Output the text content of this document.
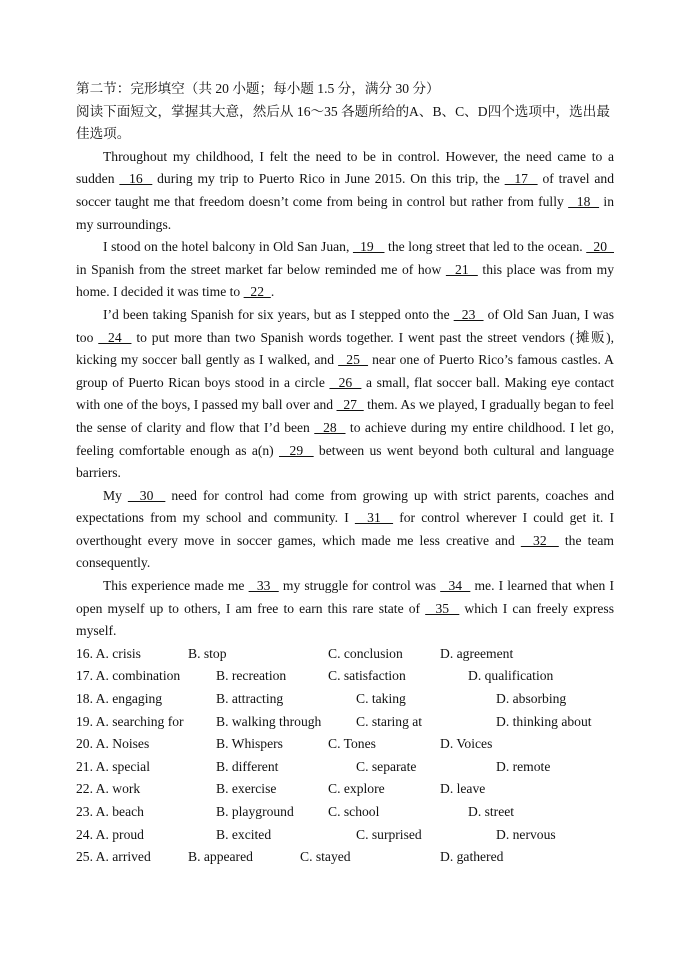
第二节：完形填空（共 20 小题；每小题 1.5 分，满分 30 分）

阅读下面短文，掌握其大意，然后从 16～35 各题所给的A、B、C、D四个选项中，选出最佳选项。

Throughout my childhood, I felt the need to be in control. However, the need came to a sudden   16   during my trip to Puerto Rico in June 2015. On this trip, the   17   of travel and soccer taught me that freedom doesn’t come from being in control but rather from fully   18   in my surroundings.

I stood on the hotel balcony in Old San Juan,   19    the long street that led to the ocean.   20   in Spanish from the street market far below reminded me of how   21   this place was from my home. I decided it was time to   22  .

I’d been taking Spanish for six years, but as I stepped onto the   23   of Old San Juan, I was too   24   to put more than two Spanish words together. I went past the street vendors (摊贩), kicking my soccer ball gently as I walked, and   25   near one of Puerto Rico’s famous castles. A group of Puerto Rican boys stood in a circle   26   a small, flat soccer ball. Making eye contact with one of the boys, I passed my ball over and   27   them. As we played, I gradually began to feel the sense of clarity and flow that I’d been   28   to achieve during my entire childhood. I let go, feeling comfortable enough as a(n)   29   between us went beyond both cultural and language barriers.

My   30   need for control had come from growing up with strict parents, coaches and expectations from my school and community. I   31   for control wherever I could get it. I overthought every move in soccer games, which made me less creative and   32   the team consequently.

This experience made me   33   my struggle for control was   34   me. I learned that when I open myself up to others, I am free to earn this rare state of   35   which I can freely express myself.

16. A. crisis	B. stop	C. conclusion	D. agreement
17. A. combination	B. recreation	C. satisfaction	D. qualification
18. A. engaging	B. attracting	C. taking	D. absorbing
19. A. searching for B. walking through	C. staring at	D. thinking about
20. A. Noises	B. Whispers	C. Tones	D. Voices
21. A. special	B. different	C. separate	D. remote
22. A. work	B. exercise	C. explore	D. leave
23. A. beach	B. playground	C. school	D. street
24. A. proud	B. excited	C. surprised	D. nervous
25. A. arrived	B. appeared	C. stayed	D. gathered
